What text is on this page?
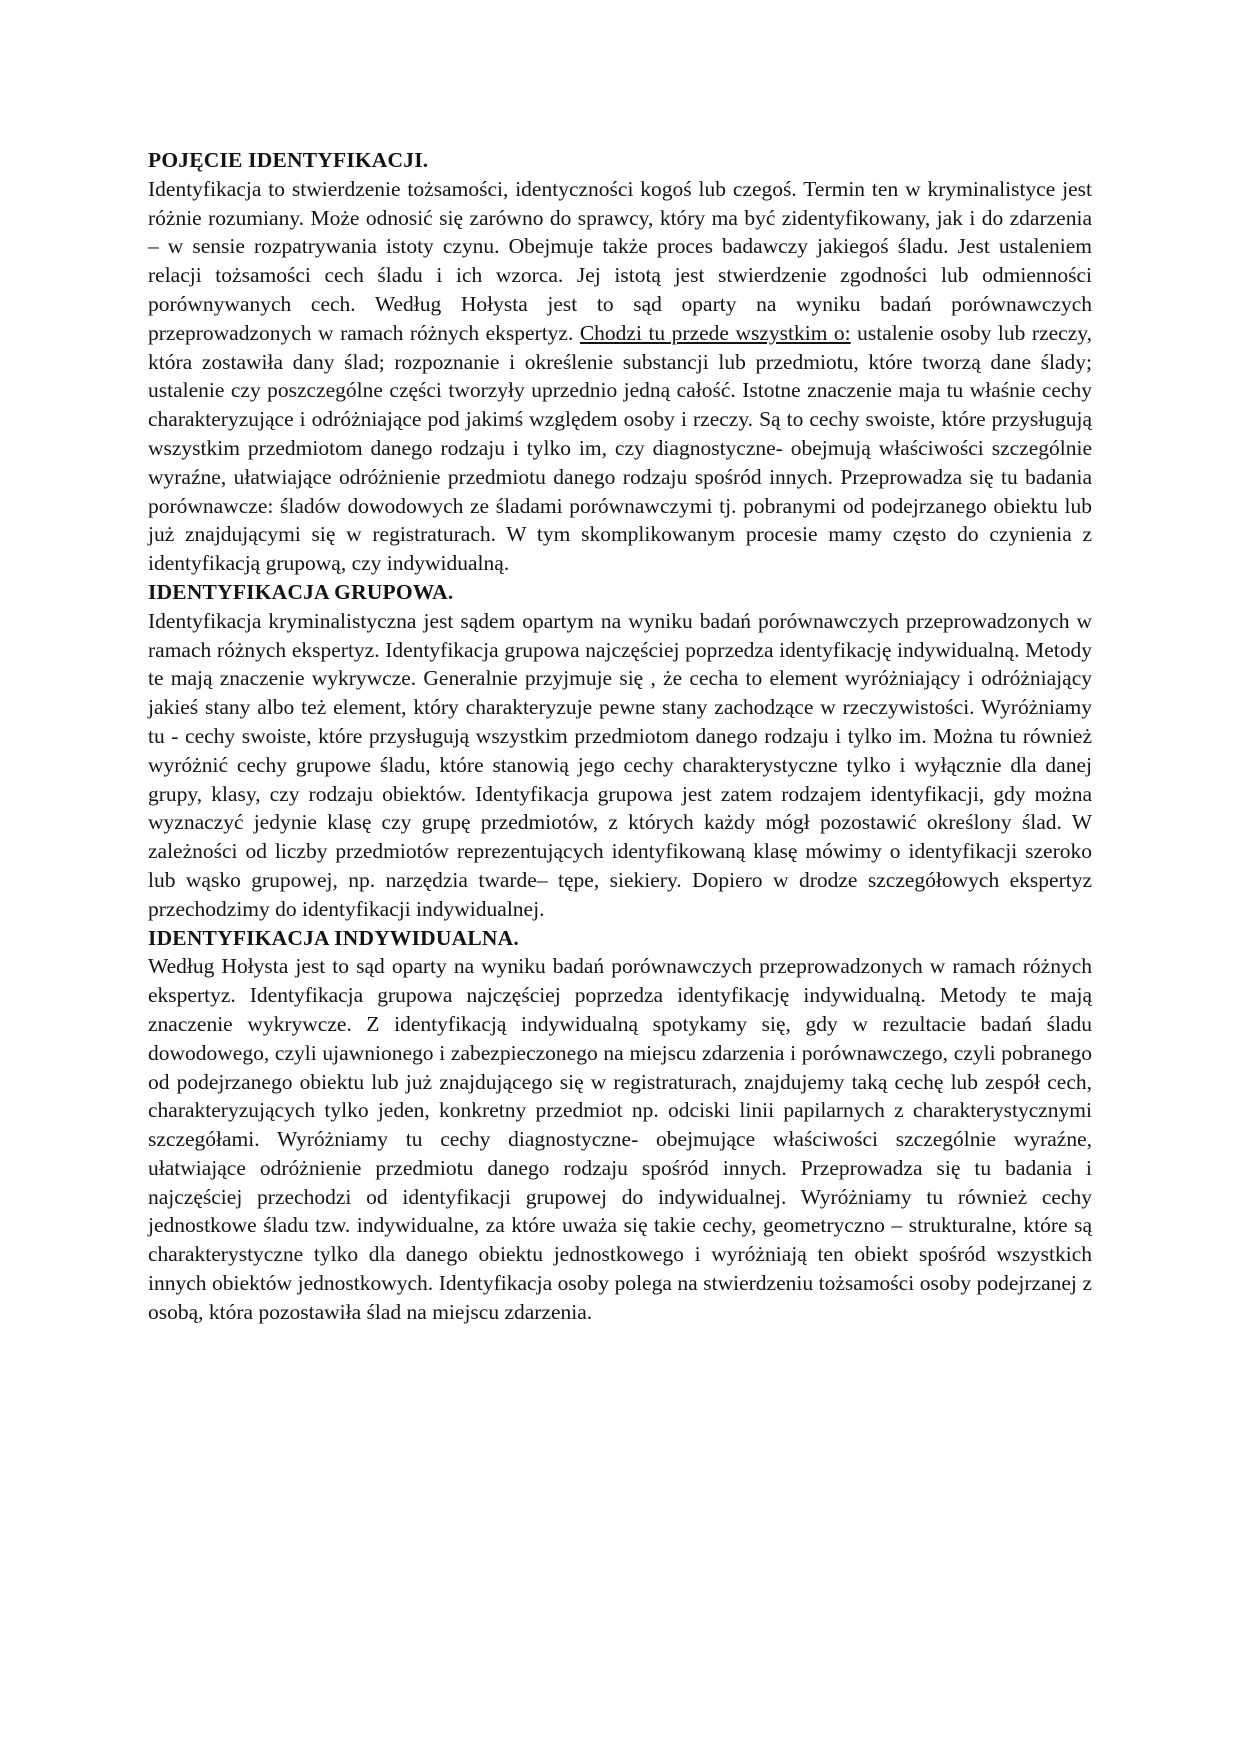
POJĘCIE IDENTYFIKACJI.

Identyfikacja to stwierdzenie tożsamości, identyczności kogoś lub czegoś. Termin ten w kryminalistyce jest różnie rozumiany. Może odnosić się zarówno do sprawcy, który ma być zidentyfikowany, jak i do zdarzenia – w sensie rozpatrywania istoty czynu. Obejmuje także proces badawczy jakiegoś śladu. Jest ustaleniem relacji tożsamości cech śladu i ich wzorca. Jej istotą jest stwierdzenie zgodności lub odmienności porównywanych cech. Według Hołysta jest to sąd oparty na wyniku badań porównawczych przeprowadzonych w ramach różnych ekspertyz. Chodzi tu przede wszystkim o: ustalenie osoby lub rzeczy, która zostawiła dany ślad; rozpoznanie i określenie substancji lub przedmiotu, które tworzą dane ślady; ustalenie czy poszczególne części tworzyły uprzednio jedną całość. Istotne znaczenie maja tu właśnie cechy charakteryzujące i odróżniające pod jakimś względem osoby i rzeczy. Są to cechy swoiste, które przysługują wszystkim przedmiotom danego rodzaju i tylko im, czy diagnostyczne- obejmują właściwości szczególnie wyraźne, ułatwiające odróżnienie przedmiotu danego rodzaju spośród innych. Przeprowadza się tu badania porównawcze: śladów dowodowych ze śladami porównawczymi tj. pobranymi od podejrzanego obiektu lub już znajdującymi się w registraturach. W tym skomplikowanym procesie mamy często do czynienia z identyfikacją grupową, czy indywidualną.

IDENTYFIKACJA GRUPOWA.

Identyfikacja kryminalistyczna jest sądem opartym na wyniku badań porównawczych przeprowadzonych w ramach różnych ekspertyz. Identyfikacja grupowa najczęściej poprzedza identyfikację indywidualną. Metody te mają znaczenie wykrywcze. Generalnie przyjmuje się , że cecha to element wyróżniający i odróżniający jakieś stany albo też element, który charakteryzuje pewne stany zachodzące w rzeczywistości. Wyróżniamy tu - cechy swoiste, które przysługują wszystkim przedmiotom danego rodzaju i tylko im. Można tu również wyróżnić cechy grupowe śladu, które stanowią jego cechy charakterystyczne tylko i wyłącznie dla danej grupy, klasy, czy rodzaju obiektów. Identyfikacja grupowa jest zatem rodzajem identyfikacji, gdy można wyznaczyć jedynie klasę czy grupę przedmiotów, z których każdy mógł pozostawić określony ślad. W zależności od liczby przedmiotów reprezentujących identyfikowaną klasę mówimy o identyfikacji szeroko lub wąsko grupowej, np. narzędzia twarde– tępe, siekiery. Dopiero w drodze szczegółowych ekspertyz przechodzimy do identyfikacji indywidualnej.

IDENTYFIKACJA INDYWIDUALNA.

Według Hołysta jest to sąd oparty na wyniku badań porównawczych przeprowadzonych w ramach różnych ekspertyz. Identyfikacja grupowa najczęściej poprzedza identyfikację indywidualną. Metody te mają znaczenie wykrywcze. Z identyfikacją indywidualną spotykamy się, gdy w rezultacie badań śladu dowodowego, czyli ujawnionego i zabezpieczonego na miejscu zdarzenia i porównawczego, czyli pobranego od podejrzanego obiektu lub już znajdującego się w registraturach, znajdujemy taką cechę lub zespół cech, charakteryzujących tylko jeden, konkretny przedmiot np. odciski linii papilarnych z charakterystycznymi szczegółami. Wyróżniamy tu cechy diagnostyczne- obejmujące właściwości szczególnie wyraźne, ułatwiające odróżnienie przedmiotu danego rodzaju spośród innych. Przeprowadza się tu badania i najczęściej przechodzi od identyfikacji grupowej do indywidualnej. Wyróżniamy tu również cechy jednostkowe śladu tzw. indywidualne, za które uważa się takie cechy, geometryczno – strukturalne, które są charakterystyczne tylko dla danego obiektu jednostkowego i wyróżniają ten obiekt spośród wszystkich innych obiektów jednostkowych. Identyfikacja osoby polega na stwierdzeniu tożsamości osoby podejrzanej z osobą, która pozostawiła ślad na miejscu zdarzenia.
